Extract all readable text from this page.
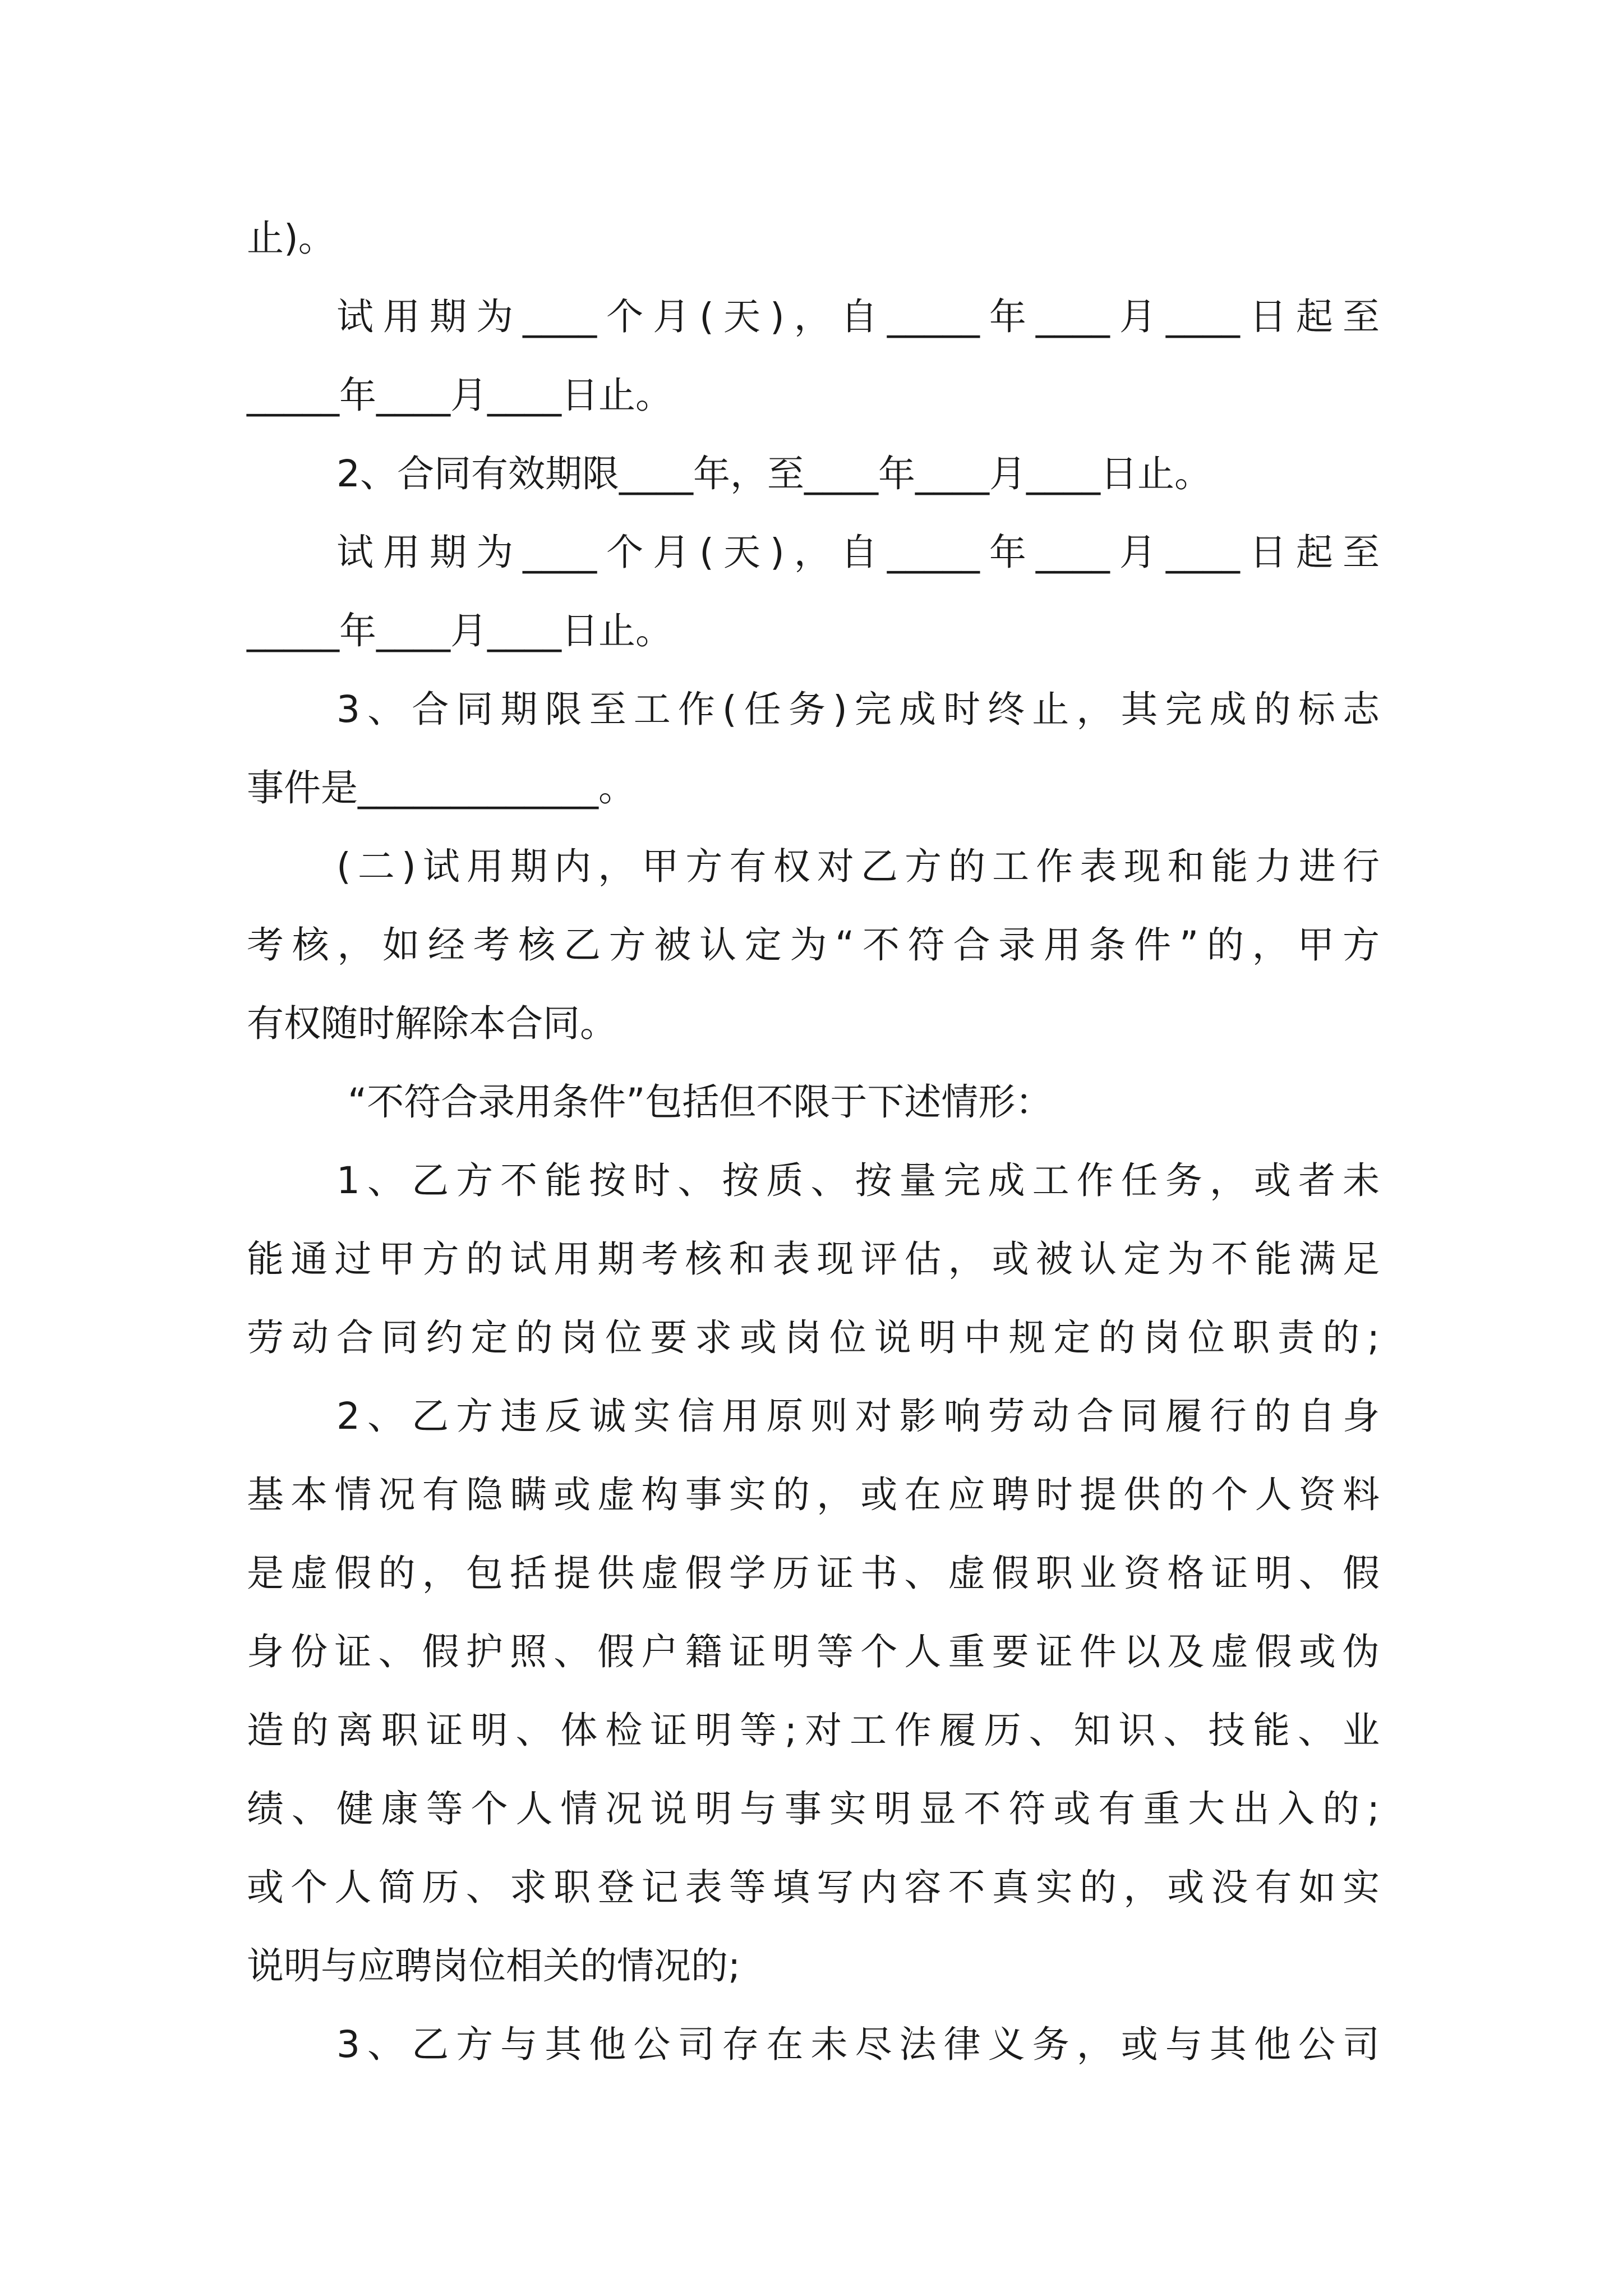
止)。

试用期为____个月(天)，自_____年____月____日起至

_____年____月____日止。

2、合同有效期限____年，至____年____月____日止。

试用期为____个月(天)，自_____年____月____日起至

_____年____月____日止。

3、合同期限至工作(任务)完成时终止，其完成的标志

事件是_____________。

(二)试用期内，甲方有权对乙方的工作表现和能力进行

考核，如经考核乙方被认定为“不符合录用条件”的，甲方

有权随时解除本合同。

“不符合录用条件”包括但不限于下述情形：

1、乙方不能按时、按质、按量完成工作任务，或者未

能通过甲方的试用期考核和表现评估，或被认定为不能满足

劳动合同约定的岗位要求或岗位说明中规定的岗位职责的;

2、乙方违反诚实信用原则对影响劳动合同履行的自身

基本情况有隐瞒或虚构事实的，或在应聘时提供的个人资料

是虚假的，包括提供虚假学历证书、虚假职业资格证明、假

身份证、假护照、假户籍证明等个人重要证件以及虚假或伪

造的离职证明、体检证明等;对工作履历、知识、技能、业

绩、健康等个人情况说明与事实明显不符或有重大出入的;

或个人简历、求职登记表等填写内容不真实的，或没有如实

说明与应聘岗位相关的情况的;

3、乙方与其他公司存在未尽法律义务，或与其他公司
